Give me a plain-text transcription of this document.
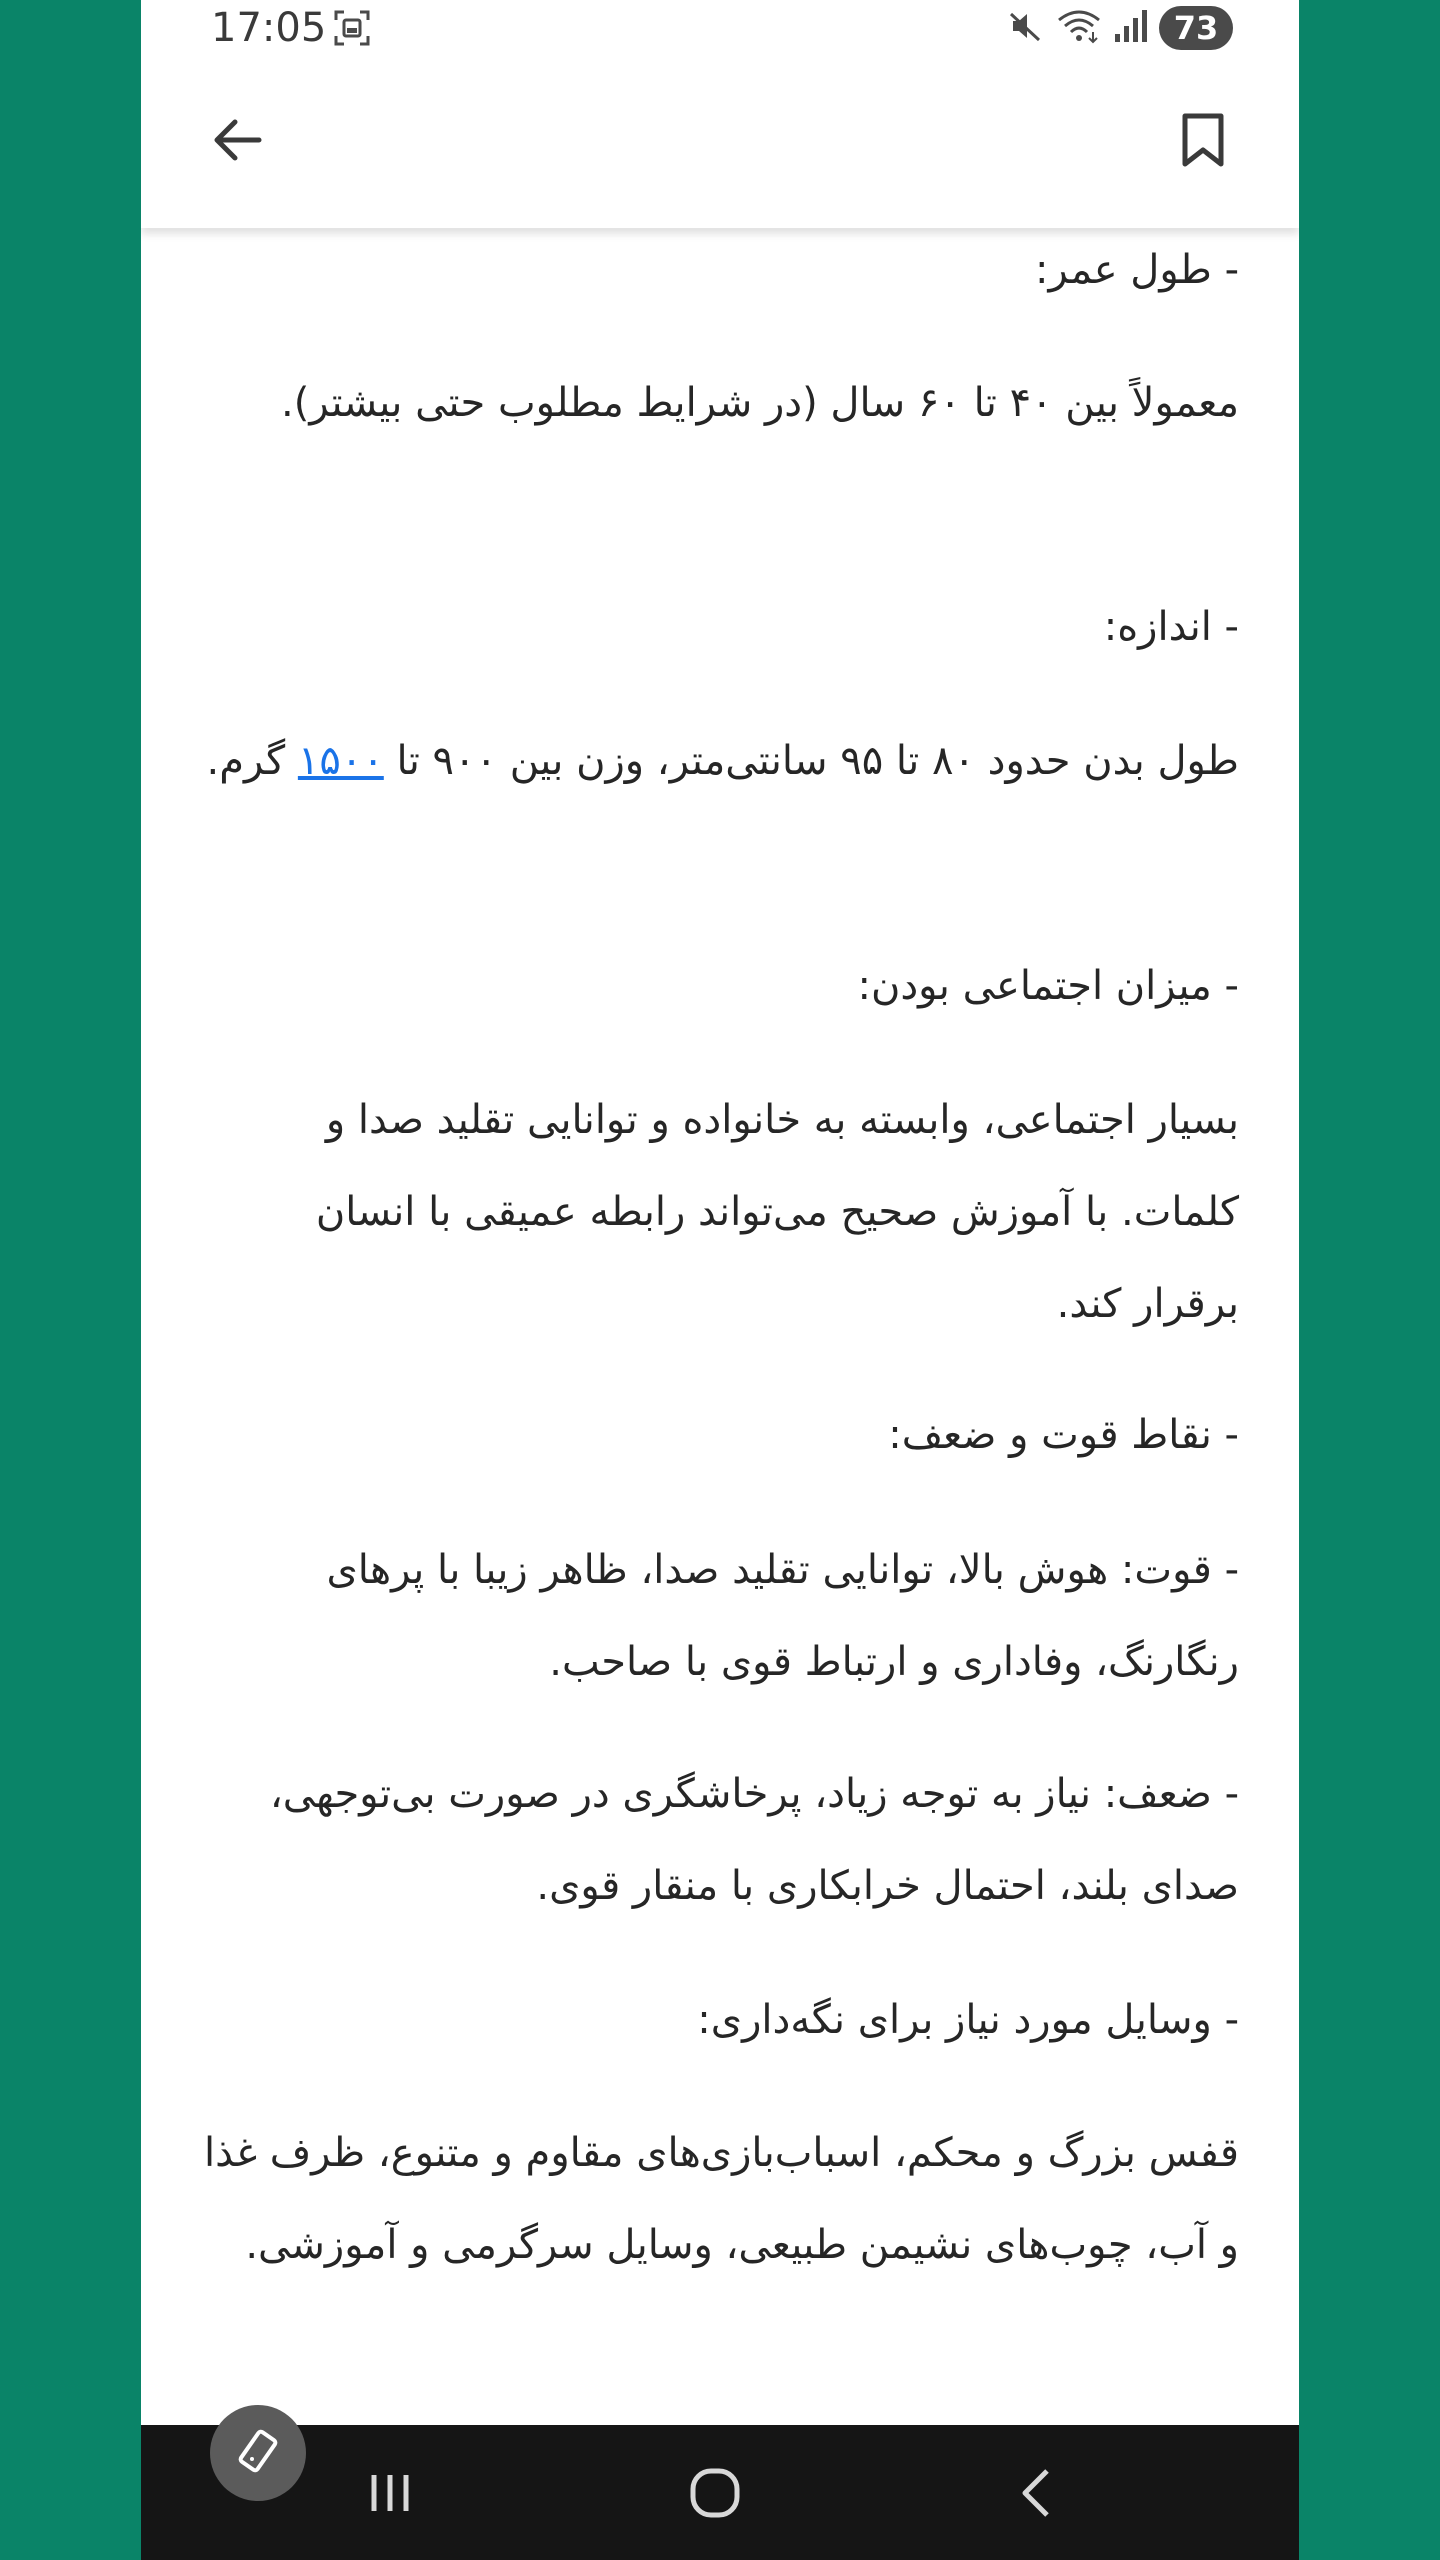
17:05	73

- طول عمر:

معمولاً بین ۴۰ تا ۶۰ سال (در شرایط مطلوب حتی بیشتر).

- اندازه:

طول بدن حدود ۸۰ تا ۹۵ سانتی‌متر، وزن بین ۹۰۰ تا ۱۵۰۰ گرم.

- میزان اجتماعی بودن:

بسیار اجتماعی، وابسته به خانواده و توانایی تقلید صدا و کلمات. با آموزش صحیح می‌تواند رابطه عمیقی با انسان برقرار کند.

- نقاط قوت و ضعف:

- قوت: هوش بالا، توانایی تقلید صدا، ظاهر زیبا با پرهای رنگارنگ، وفاداری و ارتباط قوی با صاحب.

- ضعف: نیاز به توجه زیاد، پرخاشگری در صورت بی‌توجهی، صدای بلند، احتمال خرابکاری با منقار قوی.

- وسایل مورد نیاز برای نگه‌داری:

قفس بزرگ و محکم، اسباب‌بازی‌های مقاوم و متنوع، ظرف غذا و آب، چوب‌های نشیمن طبیعی، وسایل سرگرمی و آموزشی.
